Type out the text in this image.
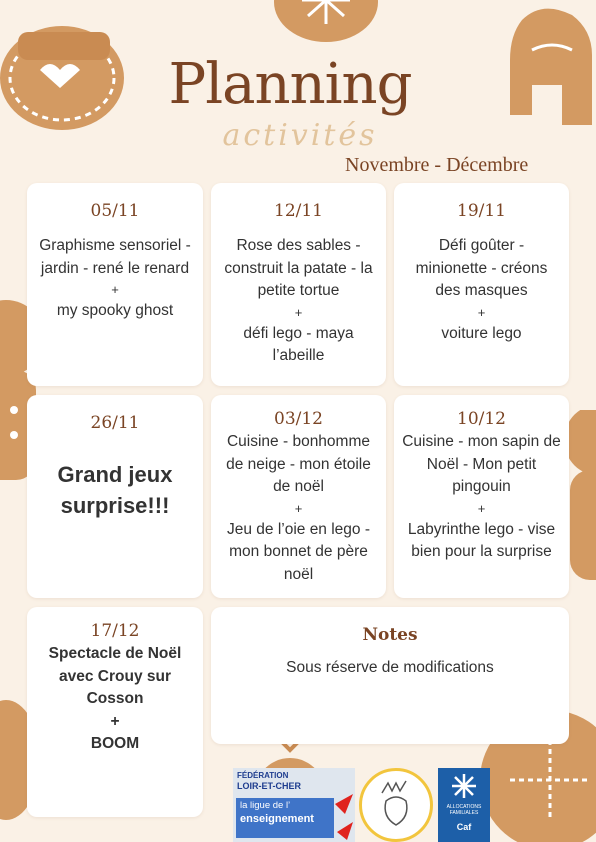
Planning
activités
Novembre - Décembre
05/11
Graphisme sensoriel - jardin - rené le renard
+
my spooky ghost
12/11
Rose des sables - construit la patate - la petite tortue
+
défi lego - maya l’abeille
19/11
Défi goûter - minionette - créons des masques
+
voiture lego
26/11
Grand jeux surprise!!!
03/12
Cuisine - bonhomme de neige - mon étoile de noël
+
Jeu de l’oie en lego - mon bonnet de père noël
10/12
Cuisine - mon sapin de Noël - Mon petit pingouin
+
Labyrinthe lego - vise bien pour la surprise
17/12
Spectacle de Noël avec Crouy sur Cosson
+
BOOM
Notes
Sous réserve de modifications
FÉDÉRATION
LOIR-ET-CHER
la ligue de l’
enseignement
ALLOCATIONS FAMILIALES
Caf
